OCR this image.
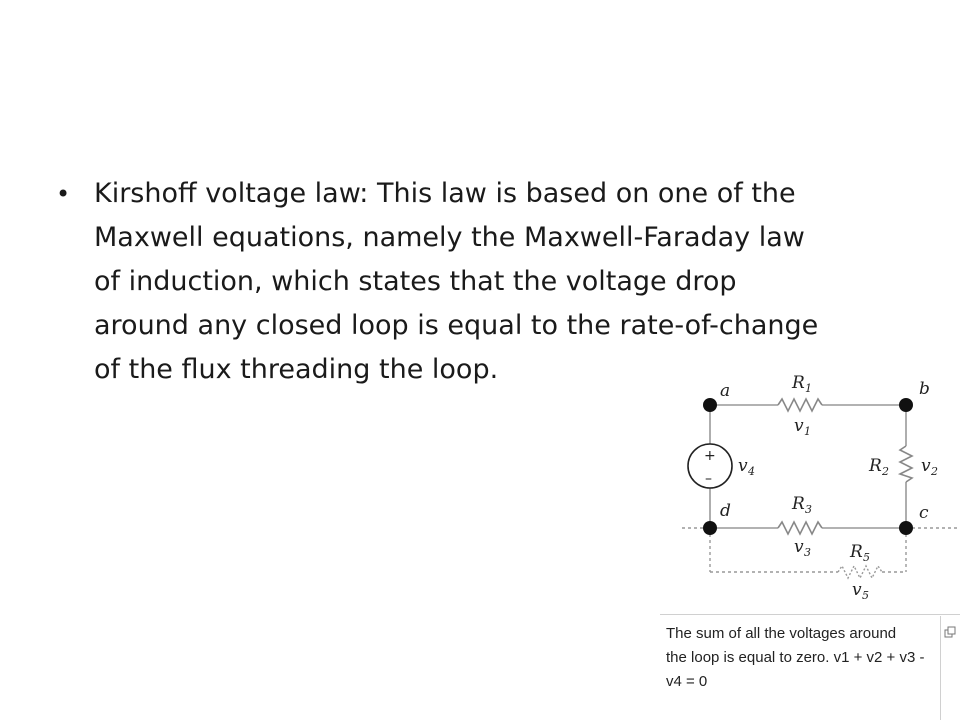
• Kirshoff voltage law: This law is based on one of the
Maxwell equations, namely the Maxwell-Faraday law
of induction, which states that the voltage drop
around any closed loop is equal to the rate-of-change
of the flux threading the loop.
a	b
c
d
R 1
v 1
R 2 v 2
R 3
v 3 R 5
v 5
v 4
+
–
The sum of all the voltages around
the loop is equal to zero. v1 + v2 + v3 -
v4 = 0
